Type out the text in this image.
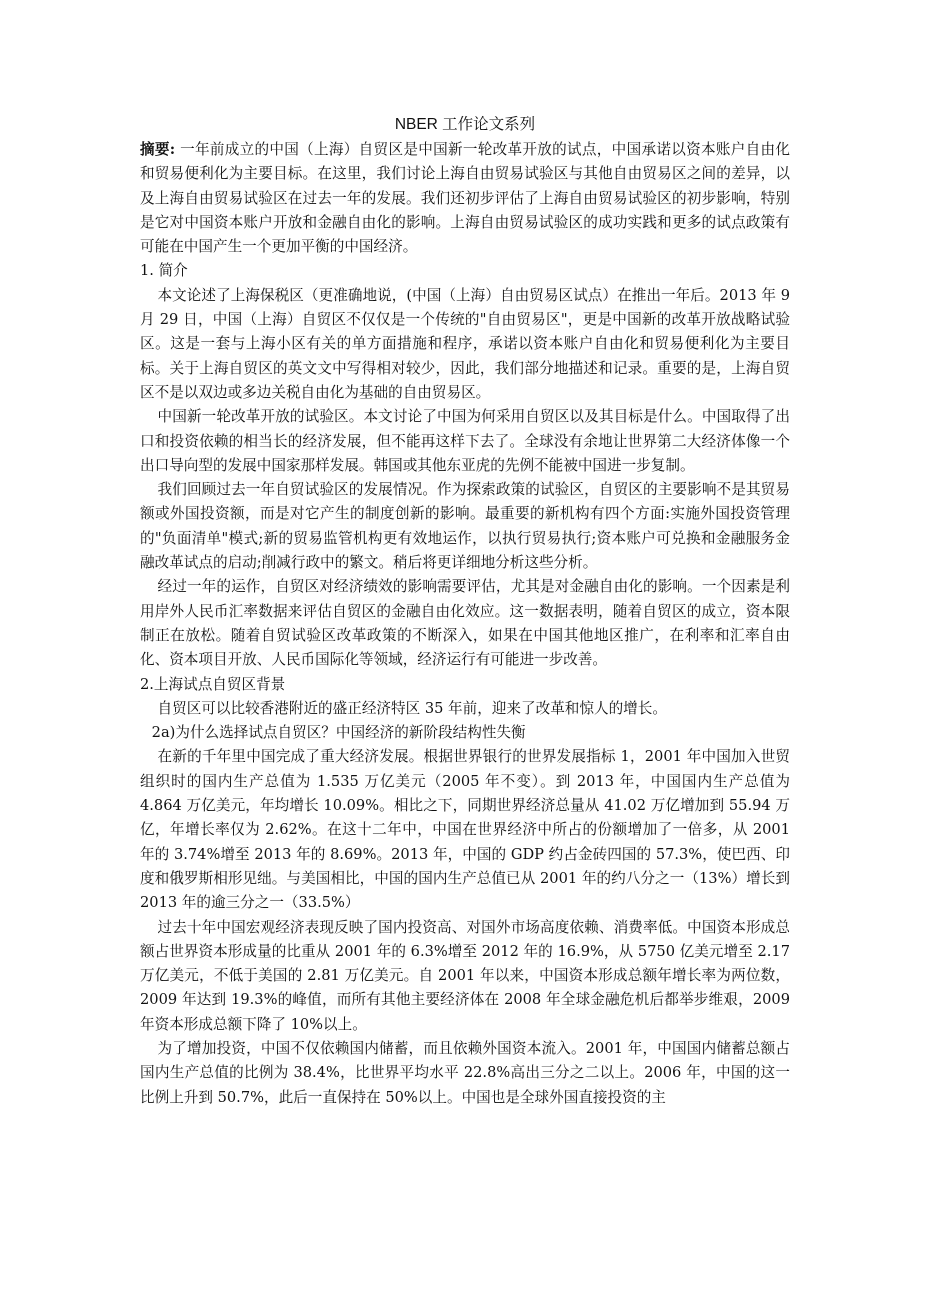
NBER 工作论文系列

摘要: 一年前成立的中国（上海）自贸区是中国新一轮改革开放的试点，中国承诺以资本账户自由化和贸易便利化为主要目标。在这里，我们讨论上海自由贸易试验区与其他自由贸易区之间的差异，以及上海自由贸易试验区在过去一年的发展。我们还初步评估了上海自由贸易试验区的初步影响，特别是它对中国资本账户开放和金融自由化的影响。上海自由贸易试验区的成功实践和更多的试点政策有可能在中国产生一个更加平衡的中国经济。

1. 简介

本文论述了上海保税区（更准确地说，(中国（上海）自由贸易区试点）在推出一年后。2013 年 9 月 29 日，中国（上海）自贸区不仅仅是一个传统的"自由贸易区"，更是中国新的改革开放战略试验区。这是一套与上海小区有关的单方面措施和程序，承诺以资本账户自由化和贸易便利化为主要目标。关于上海自贸区的英文文中写得相对较少，因此，我们部分地描述和记录。重要的是，上海自贸区不是以双边或多边关税自由化为基础的自由贸易区。

中国新一轮改革开放的试验区。本文讨论了中国为何采用自贸区以及其目标是什么。中国取得了出口和投资依赖的相当长的经济发展，但不能再这样下去了。全球没有余地让世界第二大经济体像一个出口导向型的发展中国家那样发展。韩国或其他东亚虎的先例不能被中国进一步复制。

我们回顾过去一年自贸试验区的发展情况。作为探索政策的试验区，自贸区的主要影响不是其贸易额或外国投资额，而是对它产生的制度创新的影响。最重要的新机构有四个方面:实施外国投资管理的"负面清单"模式;新的贸易监管机构更有效地运作，以执行贸易执行;资本账户可兑换和金融服务金融改革试点的启动;削减行政中的繁文。稍后将更详细地分析这些分析。

经过一年的运作，自贸区对经济绩效的影响需要评估，尤其是对金融自由化的影响。一个因素是利用岸外人民币汇率数据来评估自贸区的金融自由化效应。这一数据表明，随着自贸区的成立，资本限制正在放松。随着自贸试验区改革政策的不断深入，如果在中国其他地区推广，在利率和汇率自由化、资本项目开放、人民币国际化等领域，经济运行有可能进一步改善。

2.上海试点自贸区背景

自贸区可以比较香港附近的盛正经济特区 35 年前，迎来了改革和惊人的增长。

2a)为什么选择试点自贸区？中国经济的新阶段结构性失衡

在新的千年里中国完成了重大经济发展。根据世界银行的世界发展指标 1，2001 年中国加入世贸组织时的国内生产总值为 1.535 万亿美元（2005 年不变）。到 2013 年，中国国内生产总值为 4.864 万亿美元，年均增长 10.09%。相比之下，同期世界经济总量从 41.02 万亿增加到 55.94 万亿，年增长率仅为 2.62%。在这十二年中，中国在世界经济中所占的份额增加了一倍多，从 2001 年的 3.74%增至 2013 年的 8.69%。2013 年，中国的 GDP 约占金砖四国的 57.3%，使巴西、印度和俄罗斯相形见绌。与美国相比，中国的国内生产总值已从 2001 年的约八分之一（13%）增长到 2013 年的逾三分之一（33.5%）

过去十年中国宏观经济表现反映了国内投资高、对国外市场高度依赖、消费率低。中国资本形成总额占世界资本形成量的比重从 2001 年的 6.3%增至 2012 年的 16.9%，从 5750 亿美元增至 2.17 万亿美元，不低于美国的 2.81 万亿美元。自 2001 年以来，中国资本形成总额年增长率为两位数，2009 年达到 19.3%的峰值，而所有其他主要经济体在 2008 年全球金融危机后都举步维艰，2009 年资本形成总额下降了 10%以上。

为了增加投资，中国不仅依赖国内储蓄，而且依赖外国资本流入。2001 年，中国国内储蓄总额占国内生产总值的比例为 38.4%，比世界平均水平 22.8%高出三分之二以上。2006 年，中国的这一比例上升到 50.7%，此后一直保持在 50%以上。中国也是全球外国直接投资的主
